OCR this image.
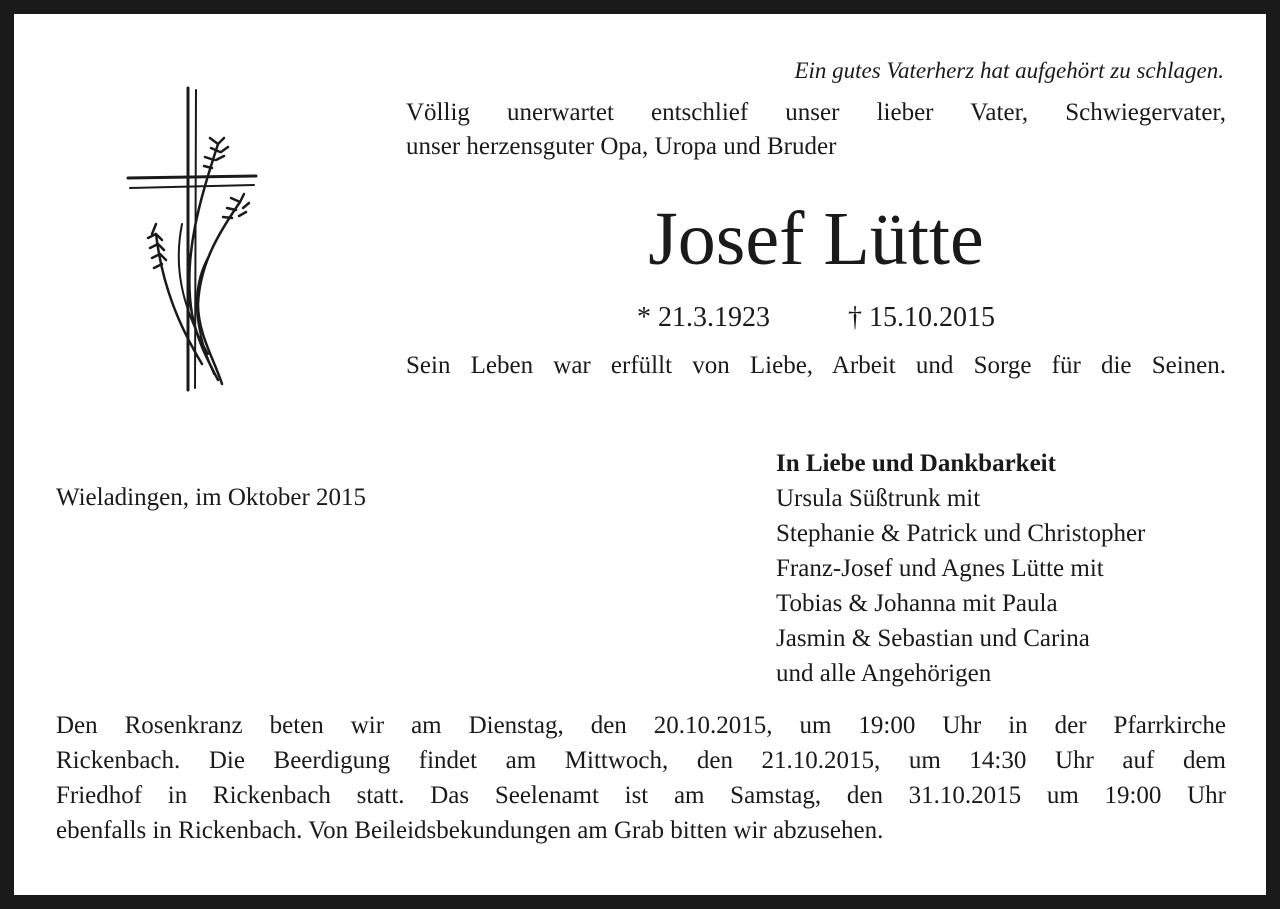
Ein gutes Vaterherz hat aufgehört zu schlagen.
Völlig unerwartet entschlief unser lieber Vater, Schwiegervater,
unser herzensguter Opa, Uropa und Bruder
Josef Lütte
* 21.3.1923	† 15.10.2015
Sein Leben war erfüllt von Liebe, Arbeit und Sorge für die Seinen.
Wieladingen, im Oktober 2015
In Liebe und Dankbarkeit
Ursula Süßtrunk mit
Stephanie & Patrick und Christopher
Franz-Josef und Agnes Lütte mit
Tobias & Johanna mit Paula
Jasmin & Sebastian und Carina
und alle Angehörigen
Den Rosenkranz beten wir am Dienstag, den 20.10.2015, um 19:00 Uhr in der Pfarrkirche
Rickenbach. Die Beerdigung findet am Mittwoch, den 21.10.2015, um 14:30 Uhr auf dem
Friedhof in Rickenbach statt. Das Seelenamt ist am Samstag, den 31.10.2015 um 19:00 Uhr
ebenfalls in Rickenbach. Von Beileidsbekundungen am Grab bitten wir abzusehen.
